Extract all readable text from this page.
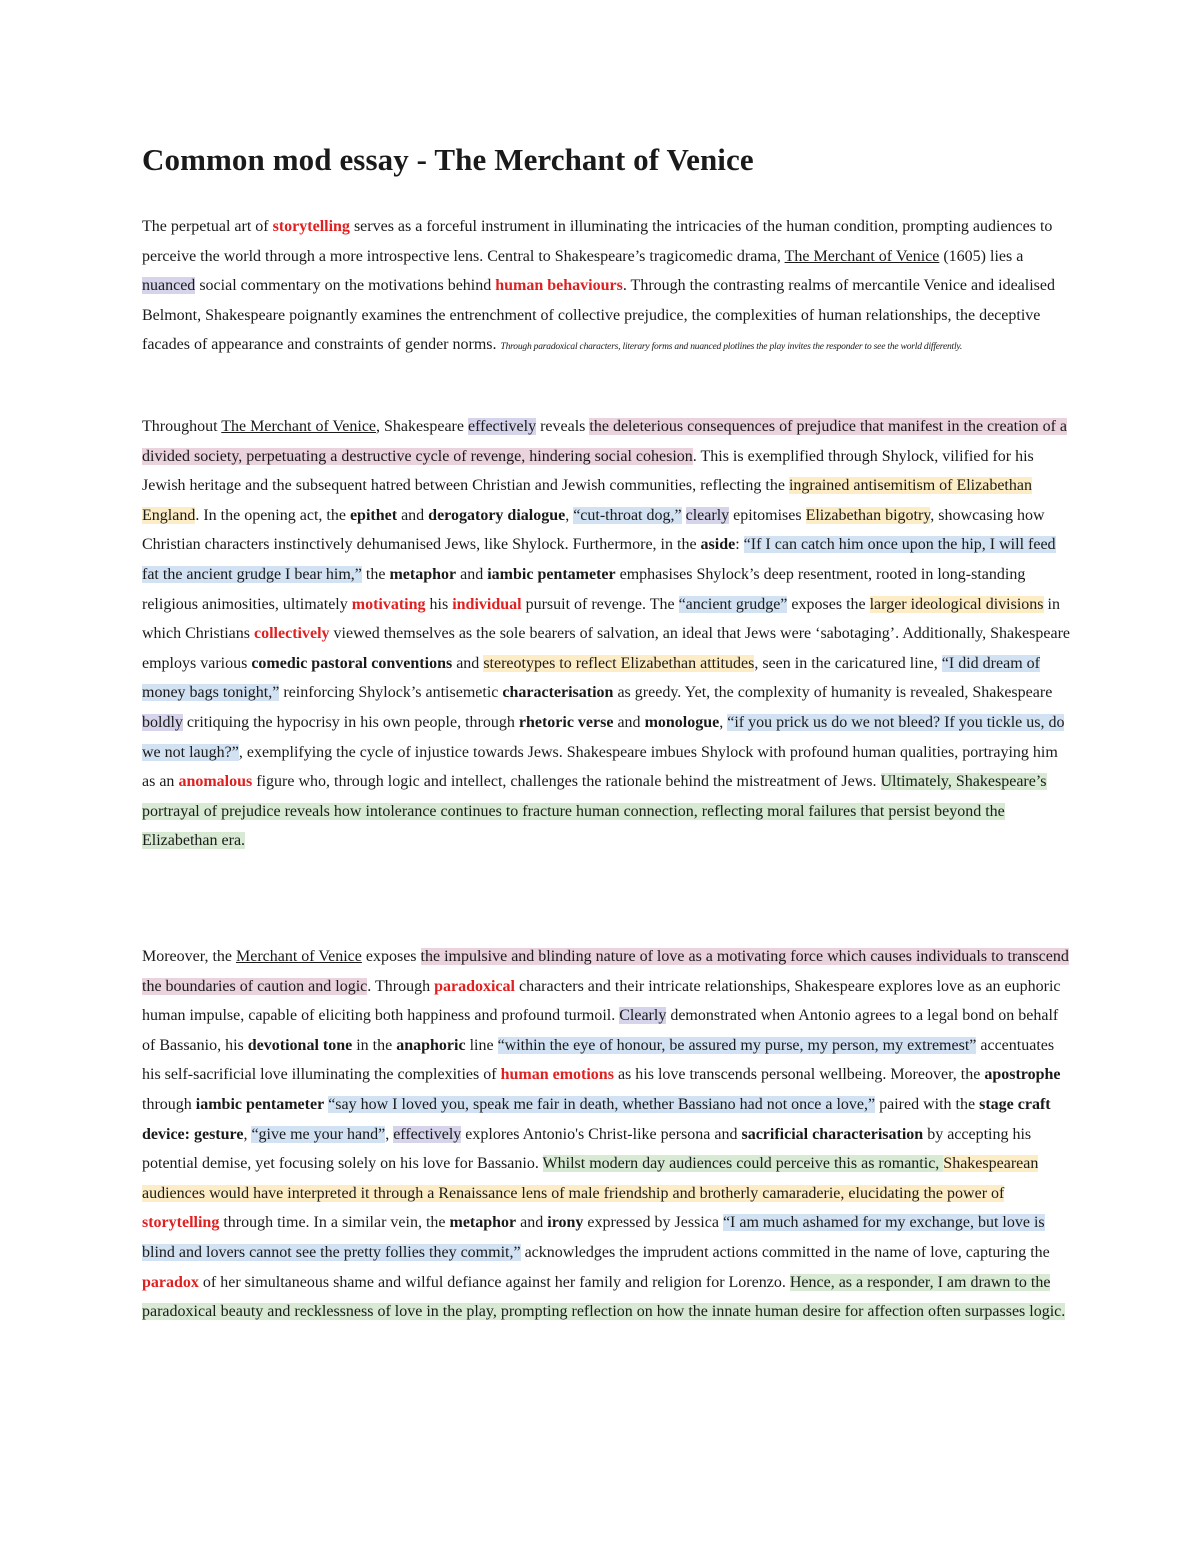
Common mod essay - The Merchant of Venice

The perpetual art of storytelling serves as a forceful instrument in illuminating the intricacies of the human condition, prompting audiences to perceive the world through a more introspective lens. Central to Shakespeare’s tragicomedic drama, The Merchant of Venice (1605) lies a nuanced social commentary on the motivations behind human behaviours. Through the contrasting realms of mercantile Venice and idealised Belmont, Shakespeare poignantly examines the entrenchment of collective prejudice, the complexities of human relationships, the deceptive facades of appearance and constraints of gender norms. Through paradoxical characters, literary forms and nuanced plotlines the play invites the responder to see the world differently.

Throughout The Merchant of Venice, Shakespeare effectively reveals the deleterious consequences of prejudice that manifest in the creation of a divided society, perpetuating a destructive cycle of revenge, hindering social cohesion. This is exemplified through Shylock, vilified for his Jewish heritage and the subsequent hatred between Christian and Jewish communities, reflecting the ingrained antisemitism of Elizabethan England. In the opening act, the epithet and derogatory dialogue, “cut-throat dog,” clearly epitomises Elizabethan bigotry, showcasing how Christian characters instinctively dehumanised Jews, like Shylock. Furthermore, in the aside: “If I can catch him once upon the hip, I will feed fat the ancient grudge I bear him,” the metaphor and iambic pentameter emphasises Shylock’s deep resentment, rooted in long-standing religious animosities, ultimately motivating his individual pursuit of revenge. The “ancient grudge” exposes the larger ideological divisions in which Christians collectively viewed themselves as the sole bearers of salvation, an ideal that Jews were ‘sabotaging’. Additionally, Shakespeare employs various comedic pastoral conventions and stereotypes to reflect Elizabethan attitudes, seen in the caricatured line, “I did dream of money bags tonight,” reinforcing Shylock’s antisemetic characterisation as greedy. Yet, the complexity of humanity is revealed, Shakespeare boldly critiquing the hypocrisy in his own people, through rhetoric verse and monologue, “if you prick us do we not bleed? If you tickle us, do we not laugh?”, exemplifying the cycle of injustice towards Jews. Shakespeare imbues Shylock with profound human qualities, portraying him as an anomalous figure who, through logic and intellect, challenges the rationale behind the mistreatment of Jews. Ultimately, Shakespeare’s portrayal of prejudice reveals how intolerance continues to fracture human connection, reflecting moral failures that persist beyond the Elizabethan era.

Moreover, the Merchant of Venice exposes the impulsive and blinding nature of love as a motivating force which causes individuals to transcend the boundaries of caution and logic. Through paradoxical characters and their intricate relationships, Shakespeare explores love as an euphoric human impulse, capable of eliciting both happiness and profound turmoil. Clearly demonstrated when Antonio agrees to a legal bond on behalf of Bassanio, his devotional tone in the anaphoric line “within the eye of honour, be assured my purse, my person, my extremest” accentuates his self-sacrificial love illuminating the complexities of human emotions as his love transcends personal wellbeing. Moreover, the apostrophe through iambic pentameter “say how I loved you, speak me fair in death, whether Bassiano had not once a love,” paired with the stage craft device: gesture, “give me your hand”, effectively explores Antonio's Christ-like persona and sacrificial characterisation by accepting his potential demise, yet focusing solely on his love for Bassanio. Whilst modern day audiences could perceive this as romantic, Shakespearean audiences would have interpreted it through a Renaissance lens of male friendship and brotherly camaraderie, elucidating the power of storytelling through time. In a similar vein, the metaphor and irony expressed by Jessica “I am much ashamed for my exchange, but love is blind and lovers cannot see the pretty follies they commit,” acknowledges the imprudent actions committed in the name of love, capturing the paradox of her simultaneous shame and wilful defiance against her family and religion for Lorenzo. Hence, as a responder, I am drawn to the paradoxical beauty and recklessness of love in the play, prompting reflection on how the innate human desire for affection often surpasses logic.
